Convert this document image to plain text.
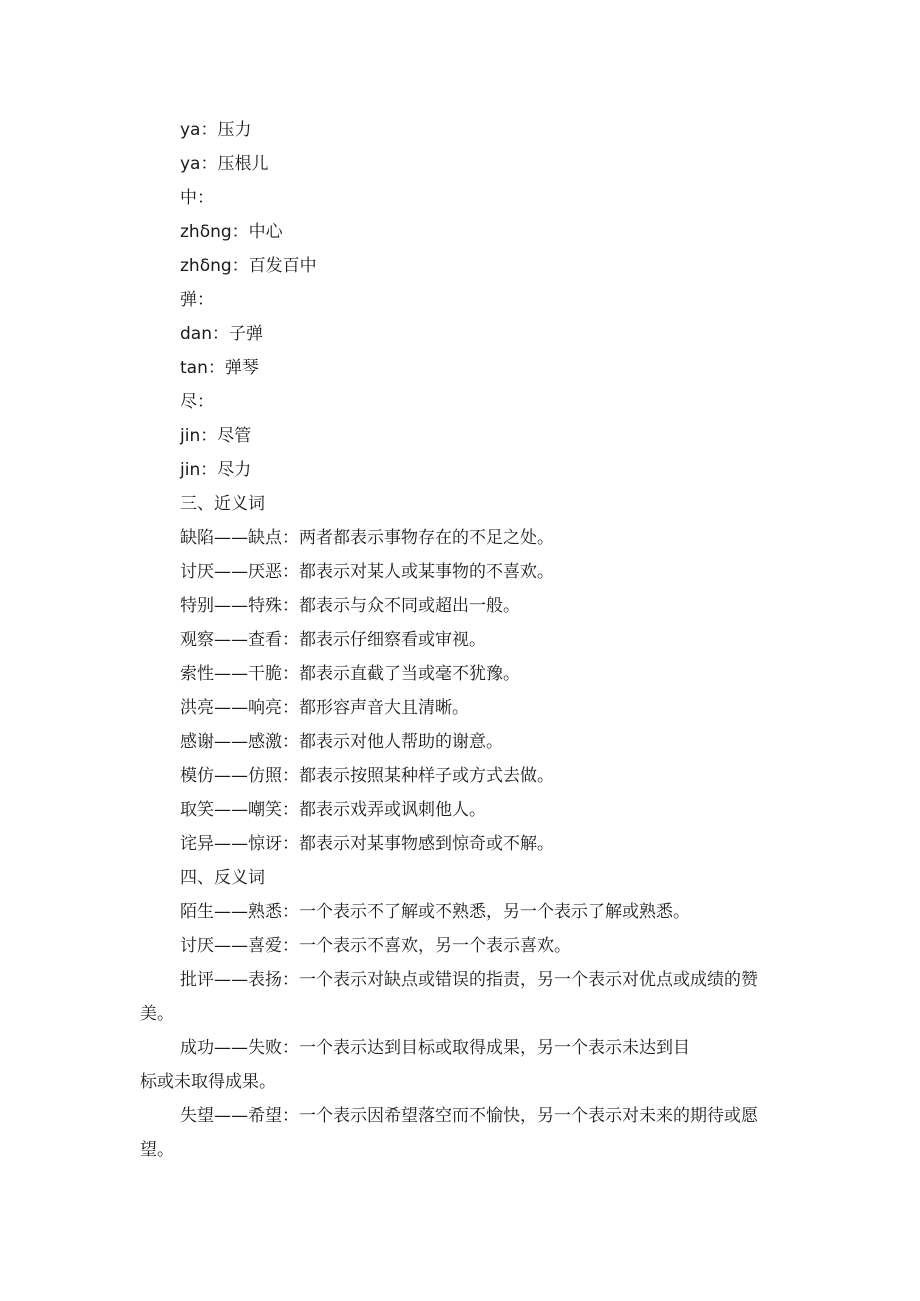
ya：压力
ya：压根儿
中：
zhδng：中心
zhδng：百发百中
弹：
dan：子弹
tan：弹琴
尽：
jin：尽管
jin：尽力
三、近义词
缺陷——缺点：两者都表示事物存在的不足之处。
讨厌——厌恶：都表示对某人或某事物的不喜欢。
特别——特殊：都表示与众不同或超出一般。
观察——查看：都表示仔细察看或审视。
索性——干脆：都表示直截了当或毫不犹豫。
洪亮——响亮：都形容声音大且清晰。
感谢——感激：都表示对他人帮助的谢意。
模仿——仿照：都表示按照某种样子或方式去做。
取笑——嘲笑：都表示戏弄或讽刺他人。
诧异——惊讶：都表示对某事物感到惊奇或不解。
四、反义词
陌生——熟悉：一个表示不了解或不熟悉，另一个表示了解或熟悉。
讨厌——喜爱：一个表示不喜欢，另一个表示喜欢。
批评——表扬：一个表示对缺点或错误的指责，另一个表示对优点或成绩的赞美。
成功——失败：一个表示达到目标或取得成果，另一个表示未达到目标或未取得成果。
失望——希望：一个表示因希望落空而不愉快，另一个表示对未来的期待或愿望。
